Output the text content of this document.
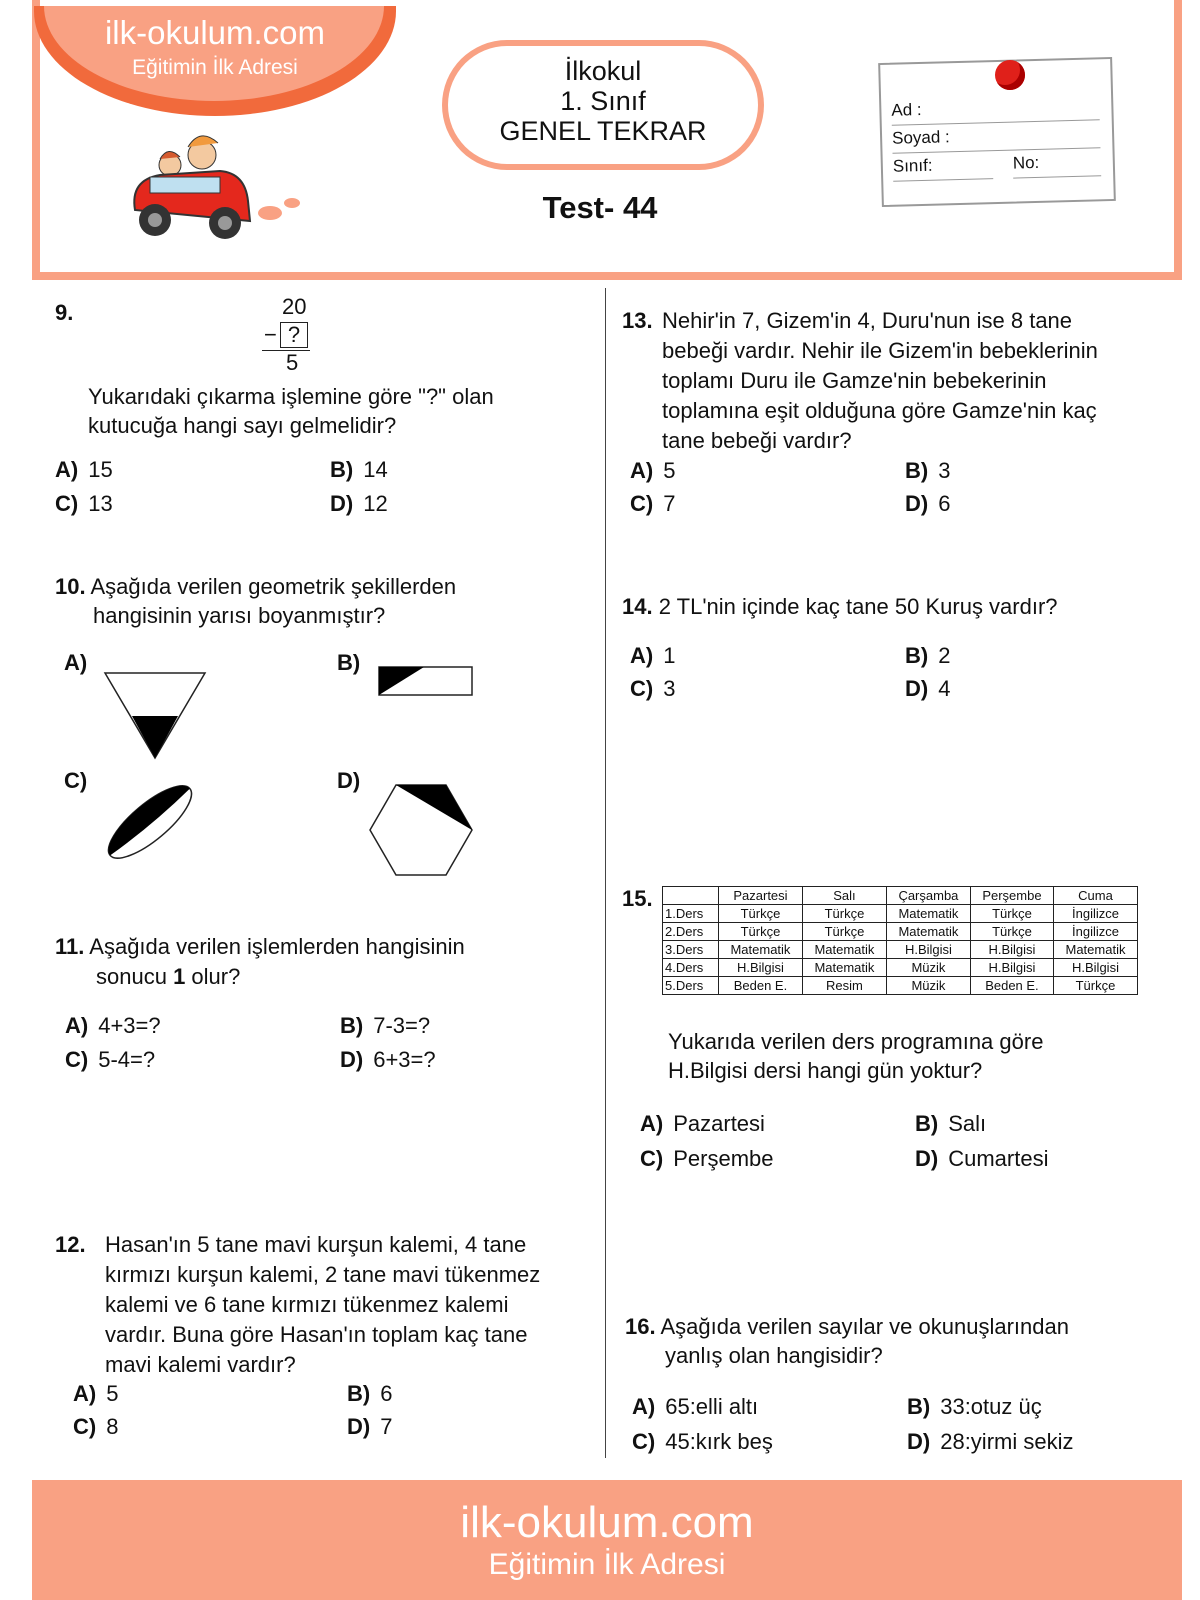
ilk-okulum.com
Eğitimin İlk Adresi	İlkokul
1. Sınıf
GENEL TEKRAR
Test- 44
Ad :
Soyad :
Sınıf:	No:
9.	20
− ?
5
Yukarıdaki çıkarma işlemine göre "?" olan
kutucuğa hangi sayı gelmelidir?
A) 15	B) 14
C) 13	D) 12
10. Aşağıda verilen geometrik şekillerden
hangisinin yarısı boyanmıştır?
A)	B)
C)	D)
11. Aşağıda verilen işlemlerden hangisinin
sonucu 1 olur?
A) 4+3=?	B) 7-3=?
C) 5-4=?	D) 6+3=?
12. Hasan'ın 5 tane mavi kurşun kalemi, 4 tane
kırmızı kurşun kalemi, 2 tane mavi tükenmez
kalemi ve 6 tane kırmızı tükenmez kalemi
vardır. Buna göre Hasan'ın toplam kaç tane
mavi kalemi vardır?
A) 5	B) 6
C) 8	D) 7
13. Nehir'in 7, Gizem'in 4, Duru'nun ise 8 tane
bebeği vardır. Nehir ile Gizem'in bebeklerinin
toplamı Duru ile Gamze'nin bebekerinin
toplamına eşit olduğuna göre Gamze'nin kaç
tane bebeği vardır?
A) 5	B) 3
C) 7	D) 6
14. 2 TL'nin içinde kaç tane 50 Kuruş vardır?
A) 1	B) 2
C) 3	D) 4
15.
		Pazartesi	Salı	Çarşamba	Perşembe	Cuma
1.Ders	Türkçe	Türkçe	Matematik	Türkçe	İngilizce
2.Ders	Türkçe	Türkçe	Matematik	Türkçe	İngilizce
3.Ders	Matematik	Matematik	H.Bilgisi	H.Bilgisi	Matematik
4.Ders	H.Bilgisi	Matematik	Müzik	H.Bilgisi	H.Bilgisi
5.Ders	Beden E.	Resim	Müzik	Beden E.	Türkçe
Yukarıda verilen ders programına göre
H.Bilgisi dersi hangi gün yoktur?
A) Pazartesi	B) Salı
C) Perşembe	D) Cumartesi
16. Aşağıda verilen sayılar ve okunuşlarından
yanlış olan hangisidir?
A) 65:elli altı	B) 33:otuz üç
C) 45:kırk beş	D) 28:yirmi sekiz
ilk-okulum.com
Eğitimin İlk Adresi
